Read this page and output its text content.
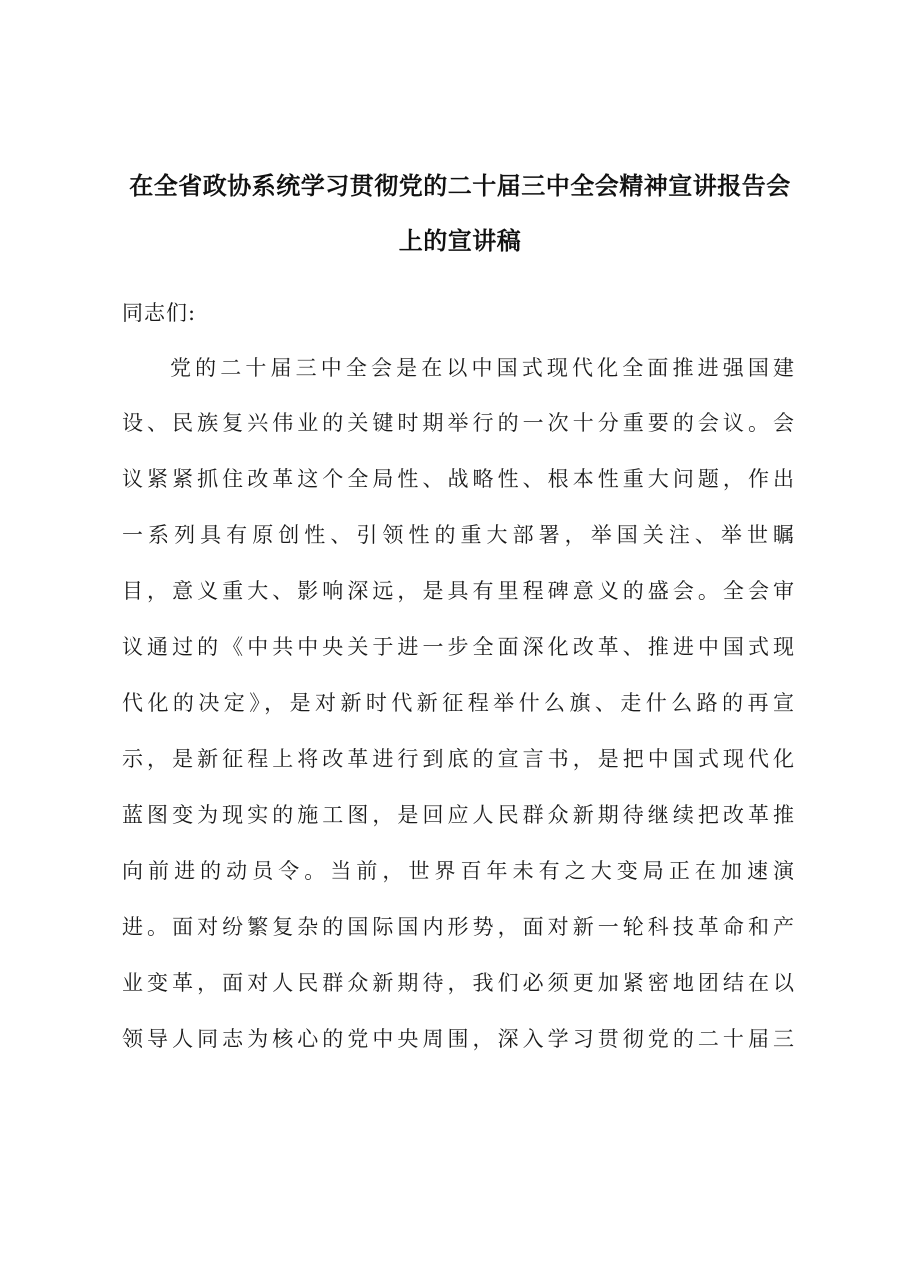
在全省政协系统学习贯彻党的二十届三中全会精神宣讲报告会
上的宣讲稿
同志们:
党的二十届三中全会是在以中国式现代化全面推进强国建
设、民族复兴伟业的关键时期举行的一次十分重要的会议。会
议紧紧抓住改革这个全局性、战略性、根本性重大问题，作出
一系列具有原创性、引领性的重大部署，举国关注、举世瞩
目，意义重大、影响深远，是具有里程碑意义的盛会。全会审
议通过的《中共中央关于进一步全面深化改革、推进中国式现
代化的决定》，是对新时代新征程举什么旗、走什么路的再宣
示，是新征程上将改革进行到底的宣言书，是把中国式现代化
蓝图变为现实的施工图，是回应人民群众新期待继续把改革推
向前进的动员令。当前，世界百年未有之大变局正在加速演
进。面对纷繁复杂的国际国内形势，面对新一轮科技革命和产
业变革，面对人民群众新期待，我们必须更加紧密地团结在以
领导人同志为核心的党中央周围，深入学习贯彻党的二十届三
